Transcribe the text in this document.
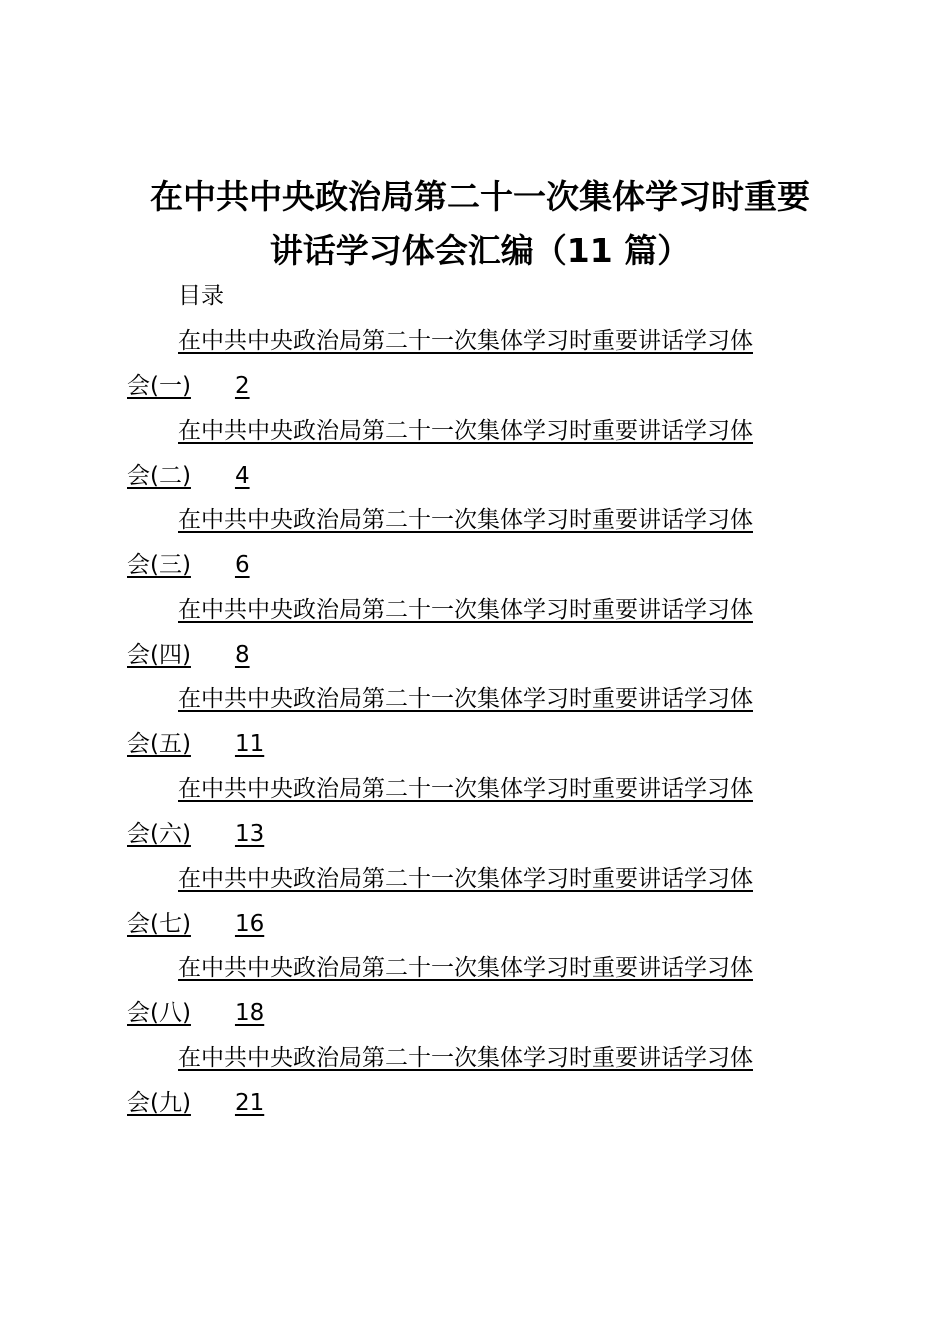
在中共中央政治局第二十一次集体学习时重要
讲话学习体会汇编（11 篇）
目录
在中共中央政治局第二十一次集体学习时重要讲话学习体
会(一) 2
在中共中央政治局第二十一次集体学习时重要讲话学习体
会(二) 4
在中共中央政治局第二十一次集体学习时重要讲话学习体
会(三) 6
在中共中央政治局第二十一次集体学习时重要讲话学习体
会(四) 8
在中共中央政治局第二十一次集体学习时重要讲话学习体
会(五) 11
在中共中央政治局第二十一次集体学习时重要讲话学习体
会(六) 13
在中共中央政治局第二十一次集体学习时重要讲话学习体
会(七) 16
在中共中央政治局第二十一次集体学习时重要讲话学习体
会(八) 18
在中共中央政治局第二十一次集体学习时重要讲话学习体
会(九) 21
